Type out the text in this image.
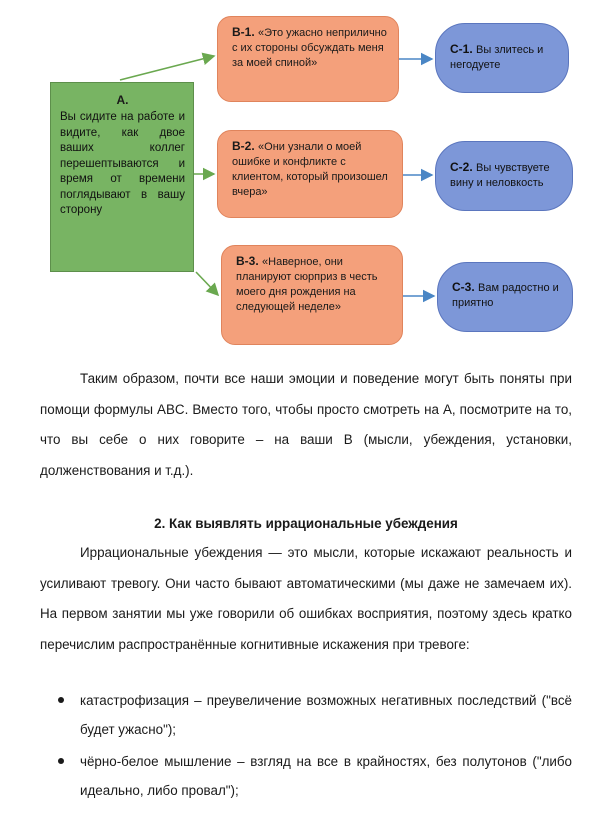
A.
Вы сидите на работе и видите, как двое ваших коллег перешептываются и время от времени поглядывают в вашу сторону
B-1. «Это ужасно неприлично с их стороны обсуждать меня за моей спиной»
B-2. «Они узнали о моей ошибке и конфликте с клиентом, который произошел вчера»
B-3. «Наверное, они планируют сюрприз в честь моего дня рождения на следующей неделе»
C-1. Вы злитесь и негодуете
C-2. Вы чувствуете вину и неловкость
C-3. Вам радостно и приятно

Таким образом, почти все наши эмоции и поведение могут быть поняты при помощи формулы ABC. Вместо того, чтобы просто смотреть на А, посмотрите на то, что вы себе о них говорите – на ваши В (мысли, убеждения, установки, долженствования и т.д.).

2. Как выявлять иррациональные убеждения

Иррациональные убеждения — это мысли, которые искажают реальность и усиливают тревогу. Они часто бывают автоматическими (мы даже не замечаем их). На первом занятии мы уже говорили об ошибках восприятия, поэтому здесь кратко перечислим распространённые когнитивные искажения при тревоге:

катастрофизация – преувеличение возможных негативных последствий ("всё будет ужасно");
чёрно-белое мышление – взгляд на все в крайностях, без полутонов ("либо идеально, либо провал");
